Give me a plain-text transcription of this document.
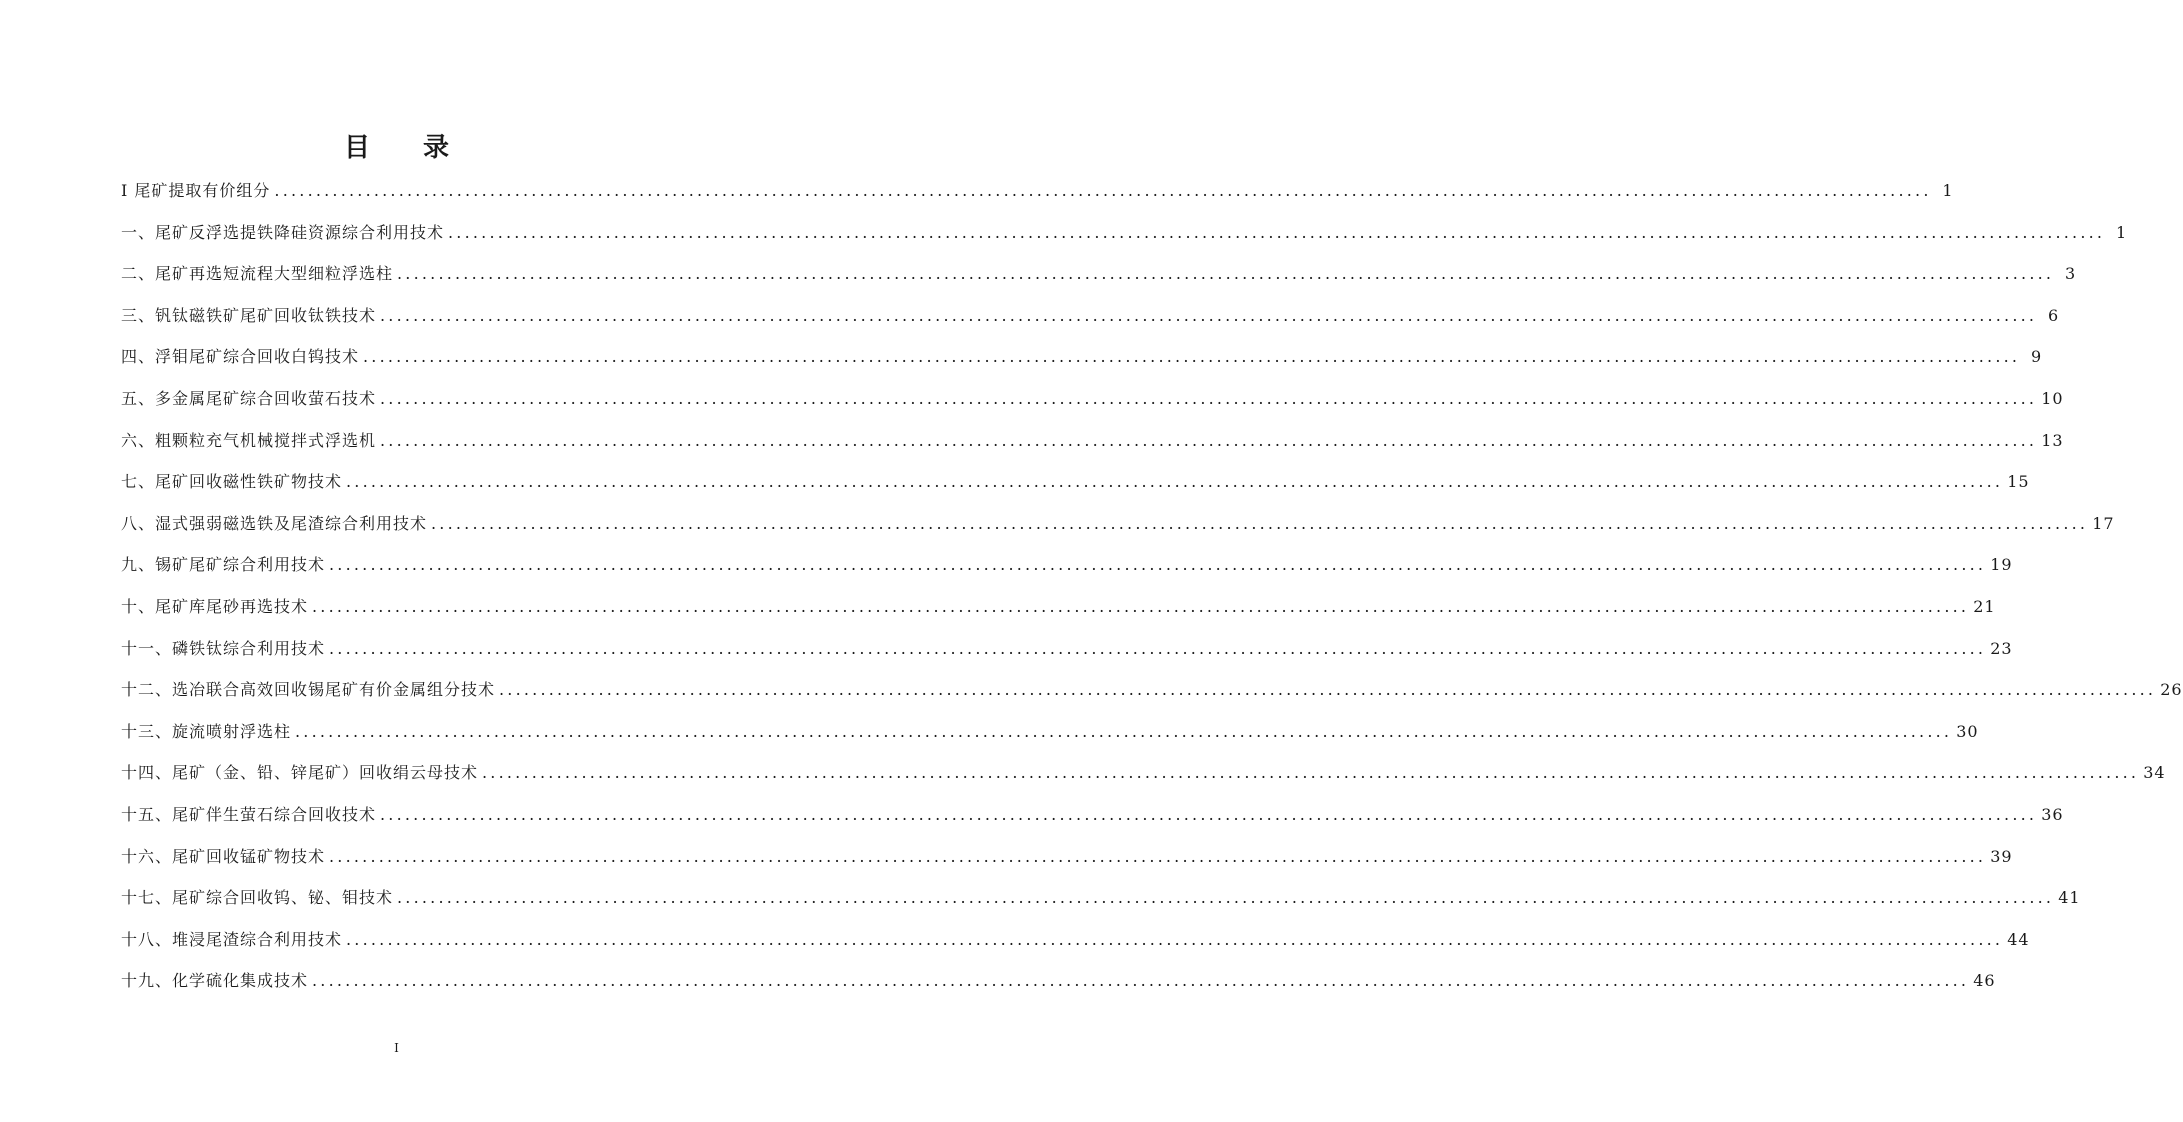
目 录
I 尾矿提取有价组分 ........................................................................................................................................................................................................ 1
一、尾矿反浮选提铁降硅资源综合利用技术 ........................................................................................................................................................................................................ 1
二、尾矿再选短流程大型细粒浮选柱 ........................................................................................................................................................................................................ 3
三、钒钛磁铁矿尾矿回收钛铁技术 ........................................................................................................................................................................................................ 6
四、浮钼尾矿综合回收白钨技术 ........................................................................................................................................................................................................ 9
五、多金属尾矿综合回收萤石技术 ........................................................................................................................................................................................................ 10
六、粗颗粒充气机械搅拌式浮选机 ........................................................................................................................................................................................................ 13
七、尾矿回收磁性铁矿物技术 ........................................................................................................................................................................................................ 15
八、湿式强弱磁选铁及尾渣综合利用技术 ........................................................................................................................................................................................................ 17
九、锡矿尾矿综合利用技术 ........................................................................................................................................................................................................ 19
十、尾矿库尾砂再选技术 ........................................................................................................................................................................................................ 21
十一、磷铁钛综合利用技术 ........................................................................................................................................................................................................ 23
十二、选冶联合高效回收锡尾矿有价金属组分技术 ........................................................................................................................................................................................................ 26
十三、旋流喷射浮选柱 ........................................................................................................................................................................................................ 30
十四、尾矿（金、铅、锌尾矿）回收绢云母技术 ........................................................................................................................................................................................................ 34
十五、尾矿伴生萤石综合回收技术 ........................................................................................................................................................................................................ 36
十六、尾矿回收锰矿物技术 ........................................................................................................................................................................................................ 39
十七、尾矿综合回收钨、铋、钼技术 ........................................................................................................................................................................................................ 41
十八、堆浸尾渣综合利用技术 ........................................................................................................................................................................................................ 44
十九、化学硫化集成技术 ........................................................................................................................................................................................................ 46
I
